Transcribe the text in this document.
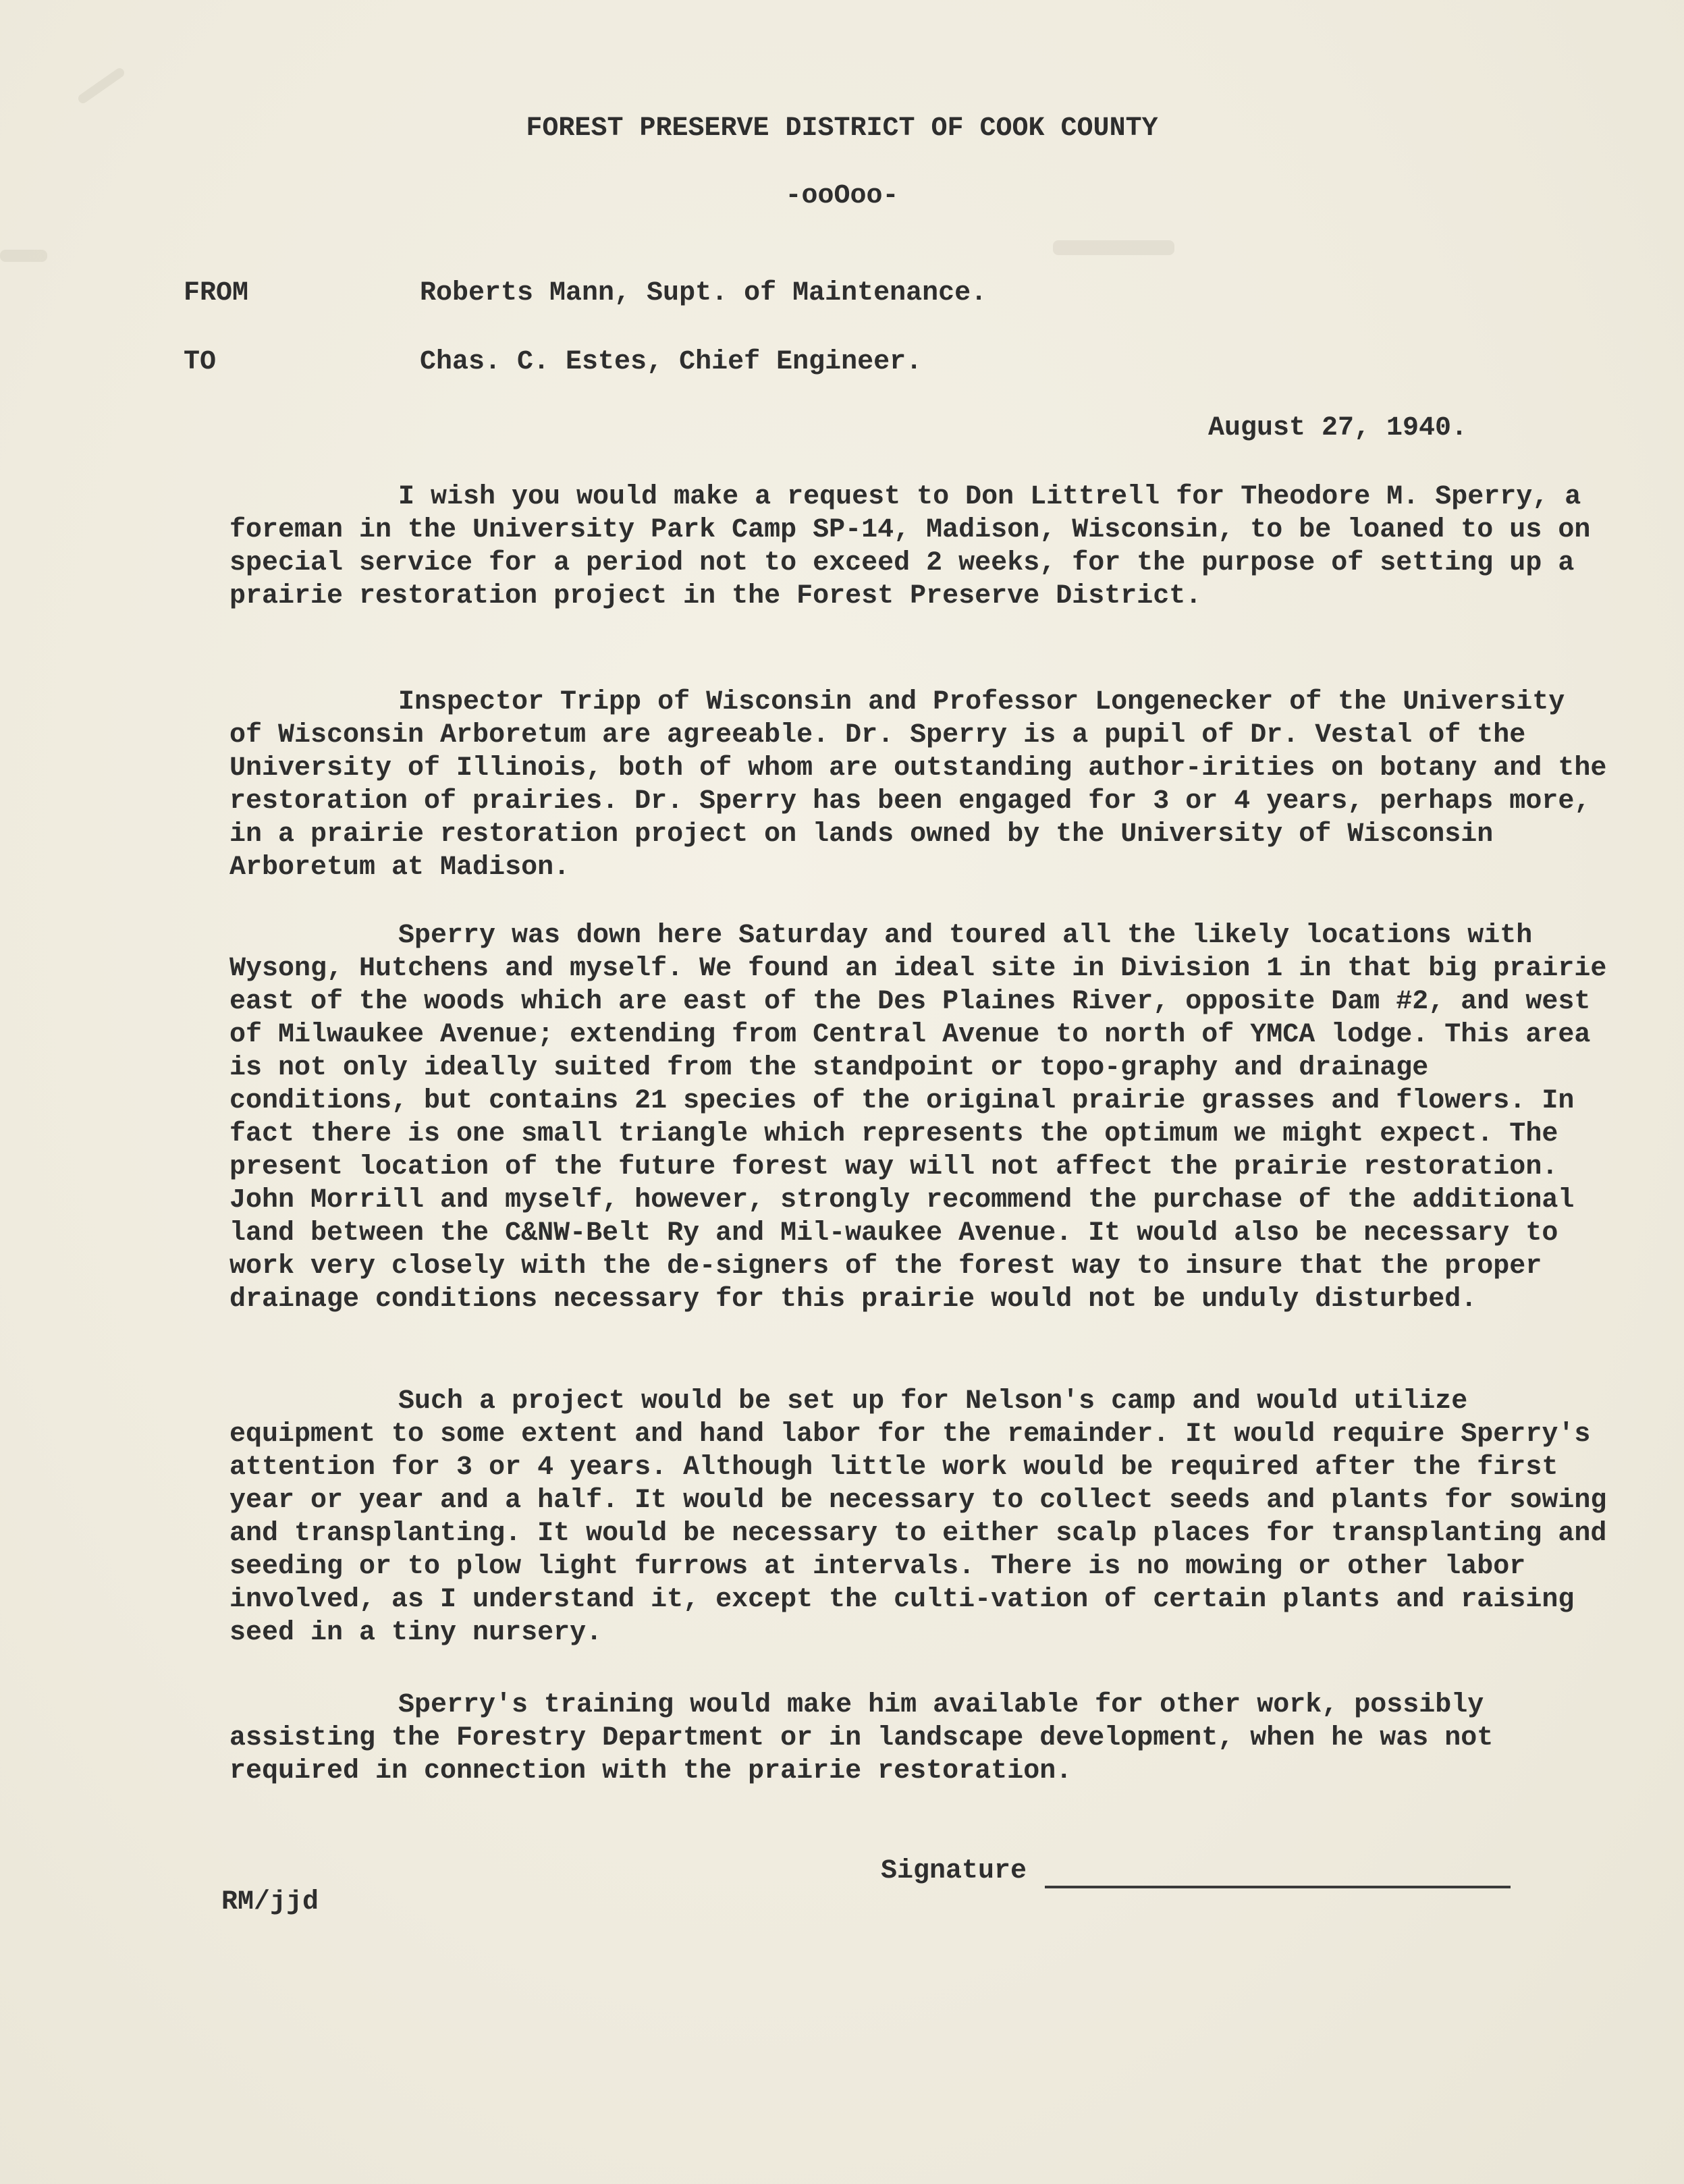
FOREST PRESERVE DISTRICT OF COOK COUNTY
-ooOoo-
FROM	Roberts Mann, Supt. of Maintenance.
TO	Chas. C. Estes, Chief Engineer.
August 27, 1940.

I wish you would make a request to Don Littrell for Theodore M. Sperry, a foreman in the University Park Camp SP-14, Madison, Wisconsin, to be loaned to us on special service for a period not to exceed 2 weeks, for the purpose of setting up a prairie restoration project in the Forest Preserve District.

Inspector Tripp of Wisconsin and Professor Longenecker of the University of Wisconsin Arboretum are agreeable. Dr. Sperry is a pupil of Dr. Vestal of the University of Illinois, both of whom are outstanding author-irities on botany and the restoration of prairies. Dr. Sperry has been engaged for 3 or 4 years, perhaps more, in a prairie restoration project on lands owned by the University of Wisconsin Arboretum at Madison.

Sperry was down here Saturday and toured all the likely locations with Wysong, Hutchens and myself. We found an ideal site in Division 1 in that big prairie east of the woods which are east of the Des Plaines River, opposite Dam #2, and west of Milwaukee Avenue; extending from Central Avenue to north of YMCA lodge. This area is not only ideally suited from the standpoint or topo-graphy and drainage conditions, but contains 21 species of the original prairie grasses and flowers. In fact there is one small triangle which represents the optimum we might expect. The present location of the future forest way will not affect the prairie restoration. John Morrill and myself, however, strongly recommend the purchase of the additional land between the C&NW-Belt Ry and Mil-waukee Avenue. It would also be necessary to work very closely with the de-signers of the forest way to insure that the proper drainage conditions necessary for this prairie would not be unduly disturbed.

Such a project would be set up for Nelson's camp and would utilize equipment to some extent and hand labor for the remainder. It would require Sperry's attention for 3 or 4 years. Although little work would be required after the first year or year and a half. It would be necessary to collect seeds and plants for sowing and transplanting. It would be necessary to either scalp places for transplanting and seeding or to plow light furrows at intervals. There is no mowing or other labor involved, as I understand it, except the culti-vation of certain plants and raising seed in a tiny nursery.

Sperry's training would make him available for other work, possibly assisting the Forestry Department or in landscape development, when he was not required in connection with the prairie restoration.

Signature
RM/jjd
